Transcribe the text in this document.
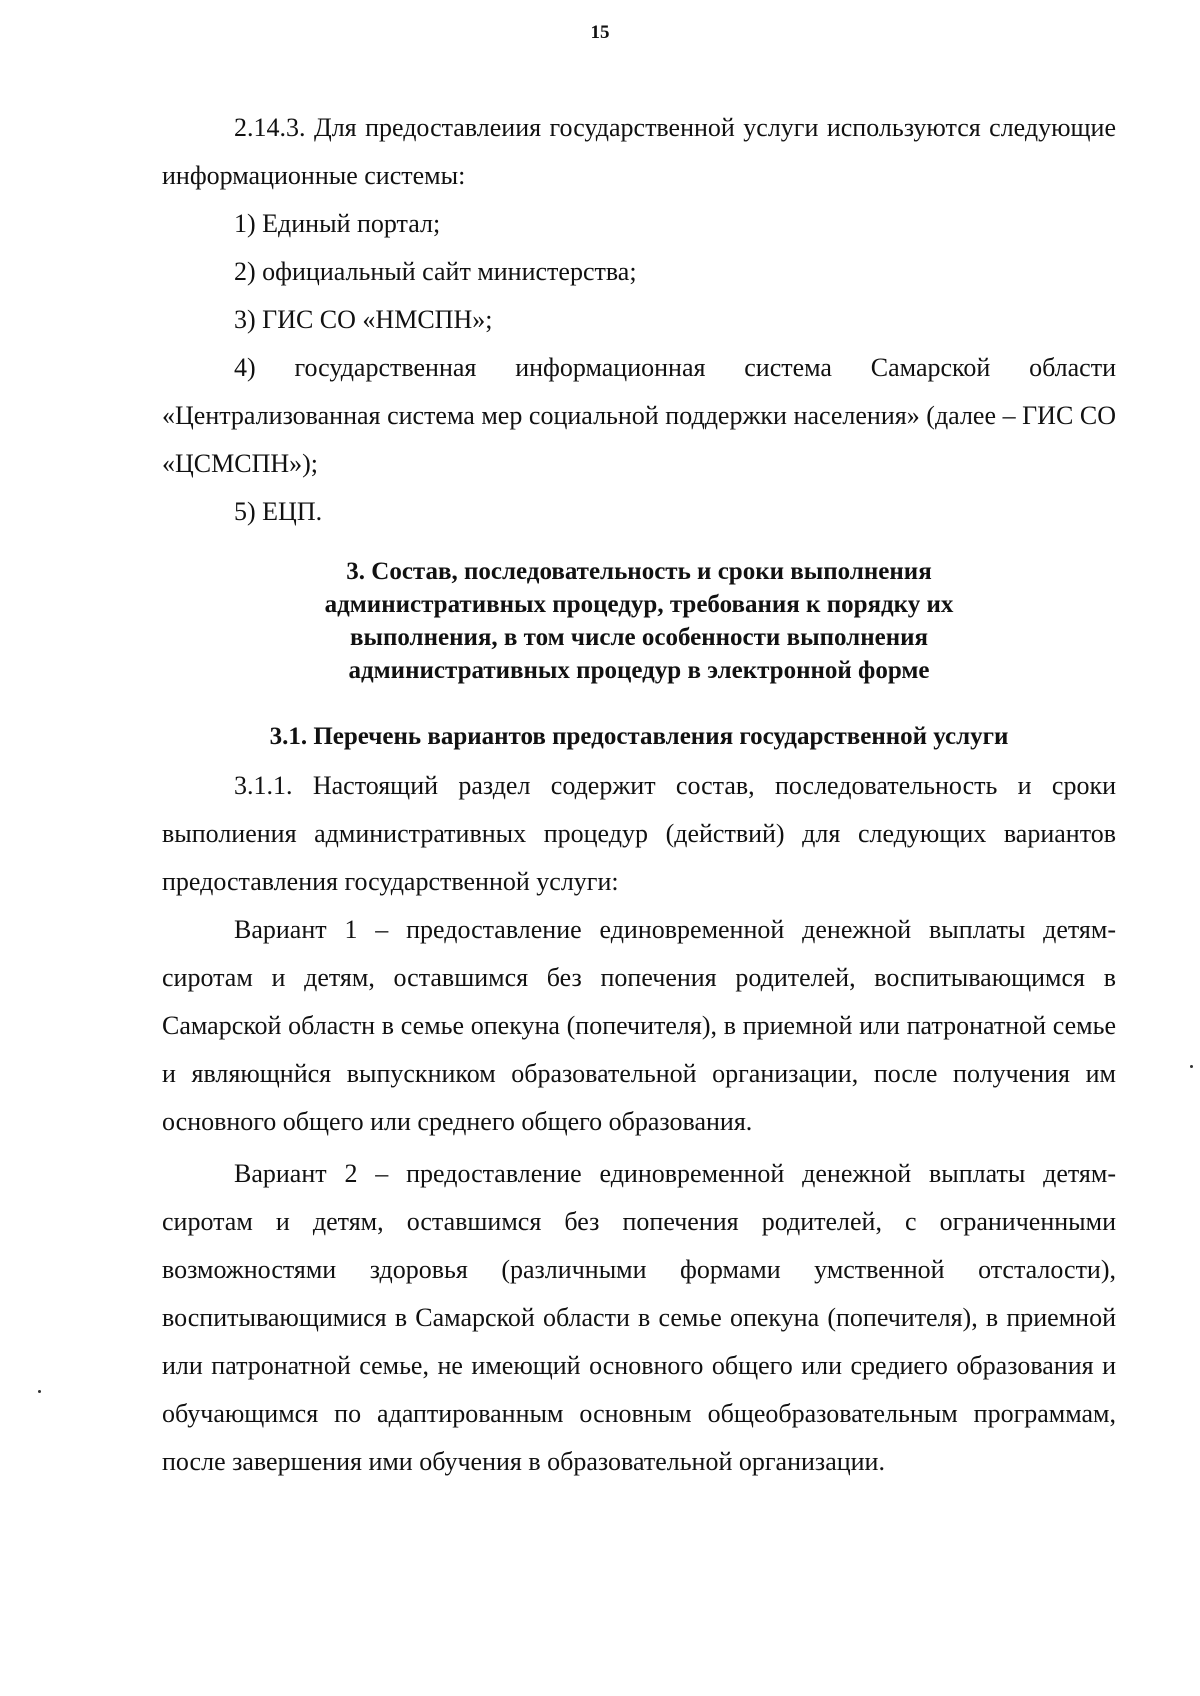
15

2.14.3. Для предоставлеиия государственной услуги используются следующие информационные системы:

1) Единый портал;

2) официальный сайт министерства;

3) ГИС СО «НМСПН»;

4) государственная информационная система Самарской области «Централизованная система мер социальной поддержки населения» (далее – ГИС СО «ЦСМСПН»);

5) ЕЦП.

3. Состав, последовательность и сроки выполнения

административных процедур, требования к порядку их

выполнения, в том числе особенности выполнения

административных процедур в электронной форме

3.1. Перечень вариантов предоставления государственной услуги

3.1.1. Настоящий раздел содержит состав, последовательность и сроки выполиения административных процедур (действий) для следующих вариантов предоставления государственной услуги:

Вариант 1 – предоставление единовременной денежной выплаты детям-сиротам и детям, оставшимся без попечения родителей, воспитывающимся в Самарской областн в семье опекуна (попечителя), в приемной или патронатной семье и являющнйся выпускником образовательной организации, после получения им основного общего или среднего общего образования.

Вариант 2 – предоставление единовременной денежной выплаты детям-сиротам и детям, оставшимся без попечения родителей, с ограниченными возможностями здоровья (различными формами умственной отсталости), воспитывающимися в Самарской области в семье опекуна (попечителя), в приемной или патронатной семье, не имеющий основного общего или средиего образования и обучающимся по адаптированным основным общеобразовательным программам, после завершения ими обучения в образовательной организации.
